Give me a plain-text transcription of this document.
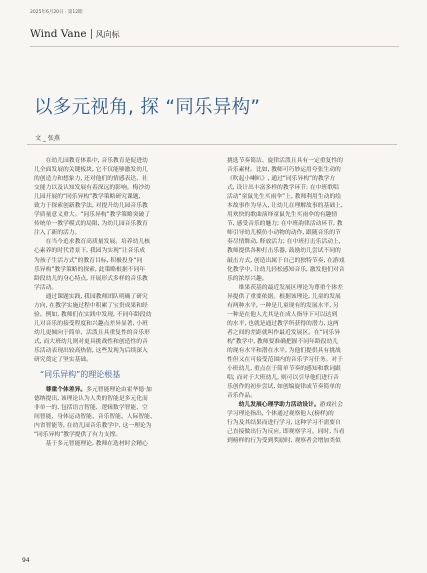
2025年6月20日 · 第12期
Wind Vane 风向标
以多元视角, 探 “同乐异构”
文 _ 张燕

在幼儿园教育体系中, 音乐教育是促进幼
儿全面发展的关键板块, 它不仅能够激发幼儿
的创造力和想象力, 还对他们的情感表达、社
交能力以及认知发展有着深远的影响。梅沙幼
儿园开展的“同乐异构”教学策略研究课题,
致力于探索创新教学法, 对提升幼儿园音乐教
学质量意义重大。“同乐异构”教学策略突破了
传统单一教学模式的局限, 为幼儿园音乐教育
注入了新的活力。

在当今追求教育高质量发展、培养幼儿核
心素养的时代背景下, 我园为实现“让音乐成
为孩子生活方式”的教育目标, 积极投身“同
乐异构”教学策略的探索, 此策略根据不同年
龄段幼儿的身心特点, 开展形式多样的音乐教
学活动。

通过课题实践, 我园教师团队明确了研究
方向, 在教学实施过程中积累了宝贵成果和经
验。例如, 教师们在实践中发现, 不同年龄段幼
儿对音乐的接受程度和兴趣点差异显著, 小班
幼儿更倾向于简单、活泼且具重复性的音乐形
式, 而大班幼儿则对更具挑战性和创造性的音
乐活动表现出较高热情, 这些发现为后续深入
研究奠定了坚实基础。

“同乐异构”的理论根基

尊重个体差异。多元智能理论由霍华德·加
德纳提出, 该理论认为人类的智能是多元化而
非单一的, 包括语言智能、逻辑数学智能、空
间智能、身体运动智能、音乐智能、人际智能、
内省智能等, 在幼儿园音乐教学中, 这一理论为
“同乐异构”教学提供了有力支撑。

基于多元智能理论, 教师在选材时会精心

挑选节奏简洁、旋律活泼且具有一定重复性的
音乐素材。比如, 教师可巧妙运用夸张生动的
《吹起小喇叭》, 通过“同乐异构”的教学方
式, 设计出丰富多样的教学环节: 在中班歌唱
活动“童鼠先生买雨伞”上, 教师利用生动的绘
本故事作为导入, 让幼儿在理解故事的基础上,
用欢快的歌曲演绎童鼠先生买雨伞的有趣情
节, 感受音乐的魅力; 在中班韵律活动环节, 教
师引导幼儿模仿小动物的动作, 跟随音乐的节
奏尽情舞动, 释放活力; 在中班打击乐活动上,
教师提供各种打击乐器, 鼓励幼儿尝试不同的
敲击方式, 创造出属于自己的独特节奏, 在游戏
化教学中, 让幼儿轻松感知音乐, 激发他们对音
乐的浓厚兴趣。

维果茨基的最近发展区理论为尊重个体差
异提供了重要依据。根据该理论, 儿童的发展
有两种水平, 一种是儿童现有的发展水平, 另
一种是在他人尤其是在成人指导下可以达到
的水平, 也就是通过教学所获得的潜力, 这两
者之间的差距就叫作最近发展区。在“同乐异
构”教学中, 教师要准确把握不同年龄段幼儿
的现有水平和潜在水平, 为他们提供具有挑战
性但又在可接受范围内的音乐学习任务。对于
小班幼儿, 重点在于简单节奏的感知和歌词跟
唱; 而对于大班幼儿, 则可以引导他们进行音
乐创作的初步尝试, 如创编旋律或节奏简单的
音乐作品。

幼儿发展心理学助力活动设计。游戏社会
学习理论指出, 个体通过观察他人(榜样)的
行为及其结果而进行学习, 这种学习不需要自
己直接做出行为反应, 即观察学习。同时, 当看
到榜样的行为受到奖励时, 观察者会增加类似

94
